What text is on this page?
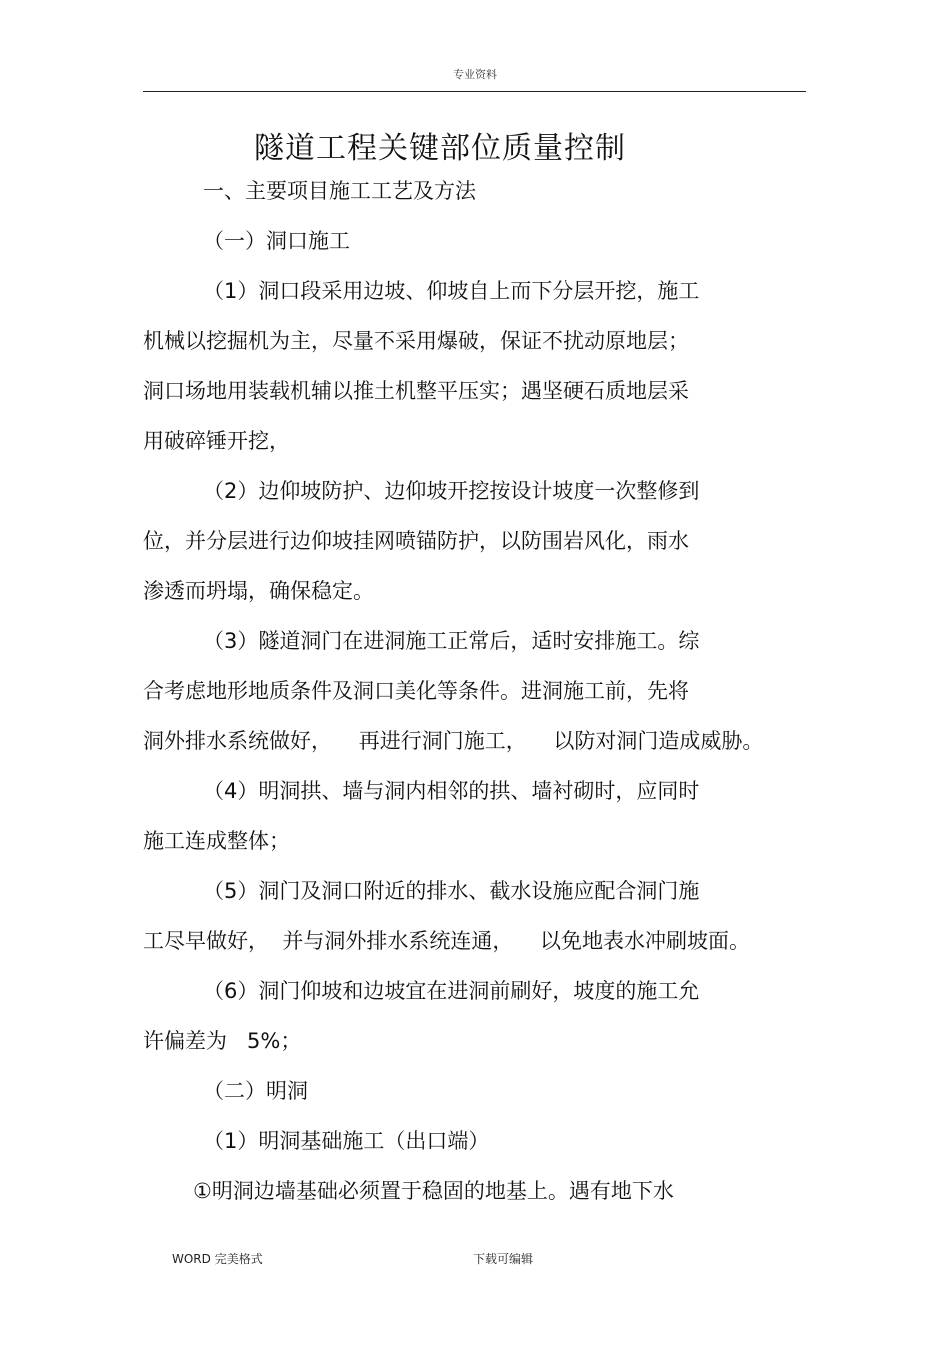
专业资料
隧道工程关键部位质量控制
一、主要项目施工工艺及方法
（一）洞口施工
（1）洞口段采用边坡、仰坡自上而下分层开挖，施工
机械以挖掘机为主，尽量不采用爆破，保证不扰动原地层；
洞口场地用装载机辅以推土机整平压实；遇坚硬石质地层采
用破碎锤开挖，
（2）边仰坡防护、边仰坡开挖按设计坡度一次整修到
位，并分层进行边仰坡挂网喷锚防护，以防围岩风化，雨水
渗透而坍塌，确保稳定。
（3）隧道洞门在进洞施工正常后，适时安排施工。综
合考虑地形地质条件及洞口美化等条件。进洞施工前，先将
洞外排水系统做好，    再进行洞门施工，    以防对洞门造成威胁。
（4）明洞拱、墙与洞内相邻的拱、墙衬砌时，应同时
施工连成整体；
（5）洞门及洞口附近的排水、截水设施应配合洞门施
工尽早做好，  并与洞外排水系统连通，    以免地表水冲刷坡面。
（6）洞门仰坡和边坡宜在进洞前刷好，坡度的施工允
许偏差为   5%；
（二）明洞
（1）明洞基础施工（出口端）
①明洞边墙基础必须置于稳固的地基上。遇有地下水
WORD 完美格式	下载可编辑
